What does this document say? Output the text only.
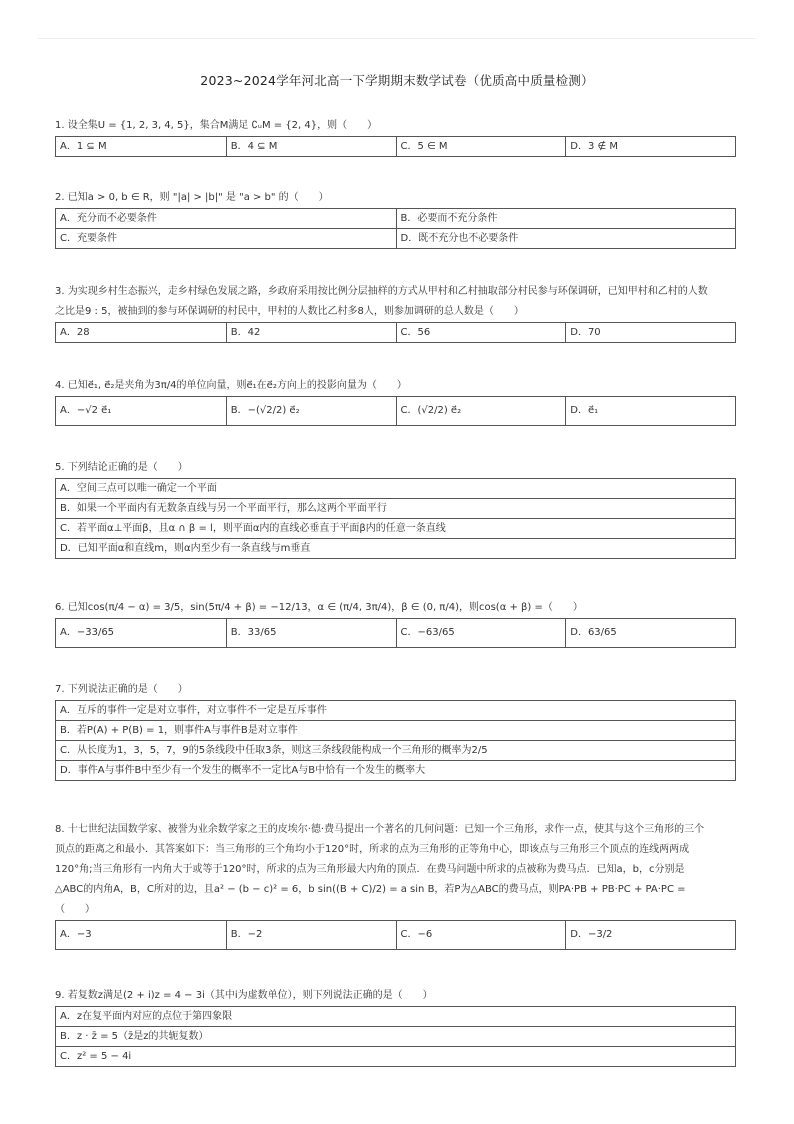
2023~2024学年河北高一下学期期末数学试卷（优质高中质量检测）
1. 设全集U = {1, 2, 3, 4, 5}，集合M满足 ∁ᵤM = {2, 4}，则（　　）
A．1 ⊆ M	B．4 ⊆ M	C．5 ∈ M	D．3 ∉ M
2. 已知a > 0, b ∈ R，则 "|a| > |b|" 是 "a > b" 的（　　）
A．充分而不必要条件	B．必要而不充分条件
C．充要条件	D．既不充分也不必要条件
3. 为实现乡村生态振兴，走乡村绿色发展之路，乡政府采用按比例分层抽样的方式从甲村和乙村抽取部分村民参与环保调研，已知甲村和乙村的人数
之比是9 : 5，被抽到的参与环保调研的村民中，甲村的人数比乙村多8人，则参加调研的总人数是（　　）
A．28	B．42	C．56	D．70
4. 已知e⃗₁, e⃗₂是夹角为3π/4的单位向量，则e⃗₁在e⃗₂方向上的投影向量为（　　）
A．−√2 e⃗₁	B．−(√2/2) e⃗₂	C．(√2/2) e⃗₂	D．e⃗₁
5. 下列结论正确的是（　　）
A．空间三点可以唯一确定一个平面
B．如果一个平面内有无数条直线与另一个平面平行，那么这两个平面平行
C．若平面α⊥平面β，且α ∩ β = l，则平面α内的直线必垂直于平面β内的任意一条直线
D．已知平面α和直线m，则α内至少有一条直线与m垂直
6. 已知cos(π/4 − α) = 3/5，sin(5π/4 + β) = −12/13，α ∈ (π/4, 3π/4)，β ∈ (0, π/4)，则cos(α + β) =（　　）
A．−33/65	B．33/65	C．−63/65	D．63/65
7. 下列说法正确的是（　　）
A．互斥的事件一定是对立事件，对立事件不一定是互斥事件
B．若P(A) + P(B) = 1，则事件A与事件B是对立事件
C．从长度为1，3，5，7，9的5条线段中任取3条，则这三条线段能构成一个三角形的概率为2/5
D．事件A与事件B中至少有一个发生的概率不一定比A与B中恰有一个发生的概率大
8. 十七世纪法国数学家、被誉为业余数学家之王的皮埃尔·德·费马提出一个著名的几何问题：已知一个三角形，求作一点，使其与这个三角形的三个
顶点的距离之和最小．其答案如下：当三角形的三个角均小于120°时，所求的点为三角形的正等角中心，即该点与三角形三个顶点的连线两两成
120°角;当三角形有一内角大于或等于120°时，所求的点为三角形最大内角的顶点．在费马问题中所求的点被称为费马点．已知a，b，c分别是
△ABC的内角A，B，C所对的边，且a² − (b − c)² = 6，b sin((B + C)/2) = a sin B，若P为△ABC的费马点，则PA·PB + PB·PC + PA·PC =
（　　）
A．−3	B．−2	C．−6	D．−3/2
9. 若复数z满足(2 + i)z = 4 − 3i（其中i为虚数单位），则下列说法正确的是（　　）
A．z在复平面内对应的点位于第四象限
B．z · z̄ = 5（z̄是z的共轭复数）
C．z² = 5 − 4i
